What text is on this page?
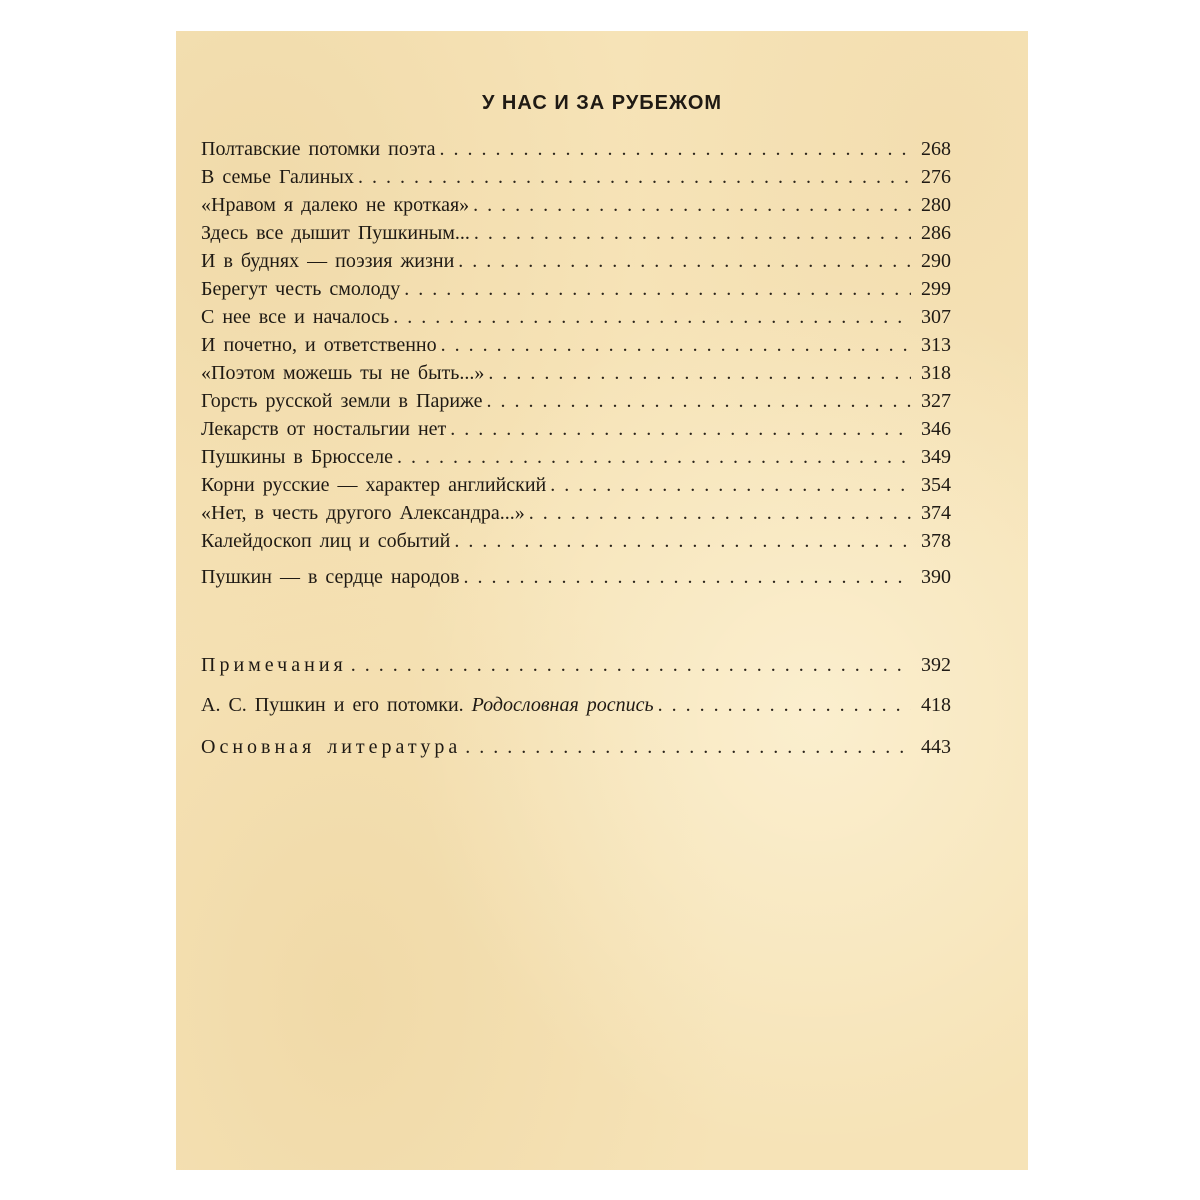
У НАС И ЗА РУБЕЖОМ
Полтавские потомки поэта . . .	268
В семье Галиных . . .	276
«Нравом я далеко не кроткая» . . .	280
Здесь все дышит Пушкиным... . . .	286
И в буднях — поэзия жизни . . .	290
Берегут честь смолоду . . .	299
С нее все и началось . . .	307
И почетно, и ответственно . . .	313
«Поэтом можешь ты не быть...» . . .	318
Горсть русской земли в Париже . . .	327
Лекарств от ностальгии нет . . .	346
Пушкины в Брюсселе . . .	349
Корни русские — характер английский . . .	354
«Нет, в честь другого Александра...» . . .	374
Калейдоскоп лиц и событий . . .	378
Пушкин — в сердце народов . . .	390
Примечания . . .	392
А. С. Пушкин и его потомки. Родословная роспись . . .	418
Основная литература . . .	443
